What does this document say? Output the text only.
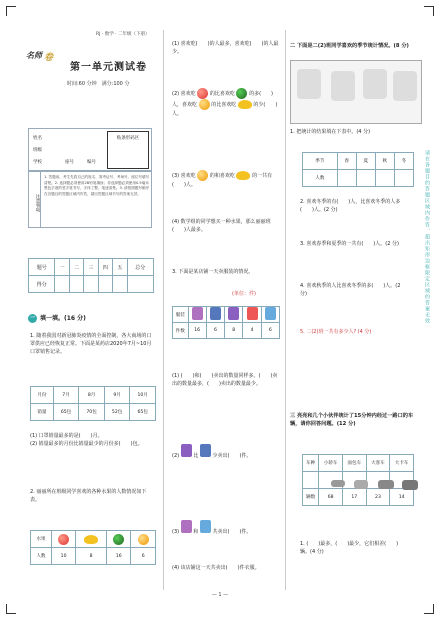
RJ · 数学 · 二年级（下册）
名师 卷
第一单元测试卷
时间:60 分钟　满分:100 分
姓名
班级
学校	座号	编号
贴条形码区
注意事项
1. 答题前，考生先将自己的姓名、准考证号、考场号、座位号填写清楚。2. 选择题必须使用2B铅笔填涂；非选择题必须使用0.5毫米黑色字迹的签字笔书写，字体工整、笔迹清楚。3. 请按照题号顺序在各题目的答题区域内作答，超出答题区域书写的答案无效。
题号	一	二	三	四	五	总分
得分						
一 填一填。(16 分)
1. 随着我国对新冠肺炎疫情的全面控制，各大商场的口罩供应已经恢复正常。下面是某药店2020年7月~10月口罩销售记录。
月份	7月	8月	9月	10月
销量	65包	70包	52包	65包
(1) 口罩销量最多的是(　　)月。
(2) 销量最多的月份比销量最少的月份多(　　)包。
2. 丽丽所在班级同学喜欢的各种水果的人数情况如下表。
水果				
人数	10	8	16	6
(1) 喜欢吃(　　)的人最多，喜欢吃(　　)的人最少。
(2) 喜欢吃	的比喜欢吃	的多(　　)人，喜欢吃	的比喜欢吃	的少(　　)人。
(3) 喜欢吃	的和喜欢吃	的一共有(　　)人。
(4) 数学组的同学想买一种水果，那么丽丽班(　　)人最多。
3. 下面是某店铺一天卖服装的情况。
(单位：件)
服装					
件数	16	6	8	4	6
(1) (　　)和(　　)卖出的数量同样多。(　　)卖出的数量最多，(　　)卖出的数量最少。
(2)	比	少卖出(　　)件。
(3)	和	共卖出(　　)件。
(4) 该店铺这一天共卖出(　　)件衣服。
二 下面是二(2)班同学喜欢的季节统计情况。(8 分)
1. 把统计的结果填在下表中。(4 分)
季节	春	夏	秋	冬
人数				
2. 喜欢冬季的有(　　)人，比喜欢冬季的人多(　　)人。(2 分)
3. 喜欢春季和夏季的一共有(　　)人。(2 分)
4. 喜欢秋季的人比喜欢冬季的多(　　)人。(2 分)
5. 二(2)班一共有多少人? (4 分)
三 亮亮和几个小伙伴统计了15分钟内经过一路口的车辆，请你回答问题。(12 分)
车种	小轿车	面包车	大客车	大卡车

辆数	68	17	23	14
1. (　　)最多，(　　)最少，它们相差(　　)辆。(4 分)
请在各题目的答题区域内作答，超出矩形边框限定区域的答案无效
— 1 —
